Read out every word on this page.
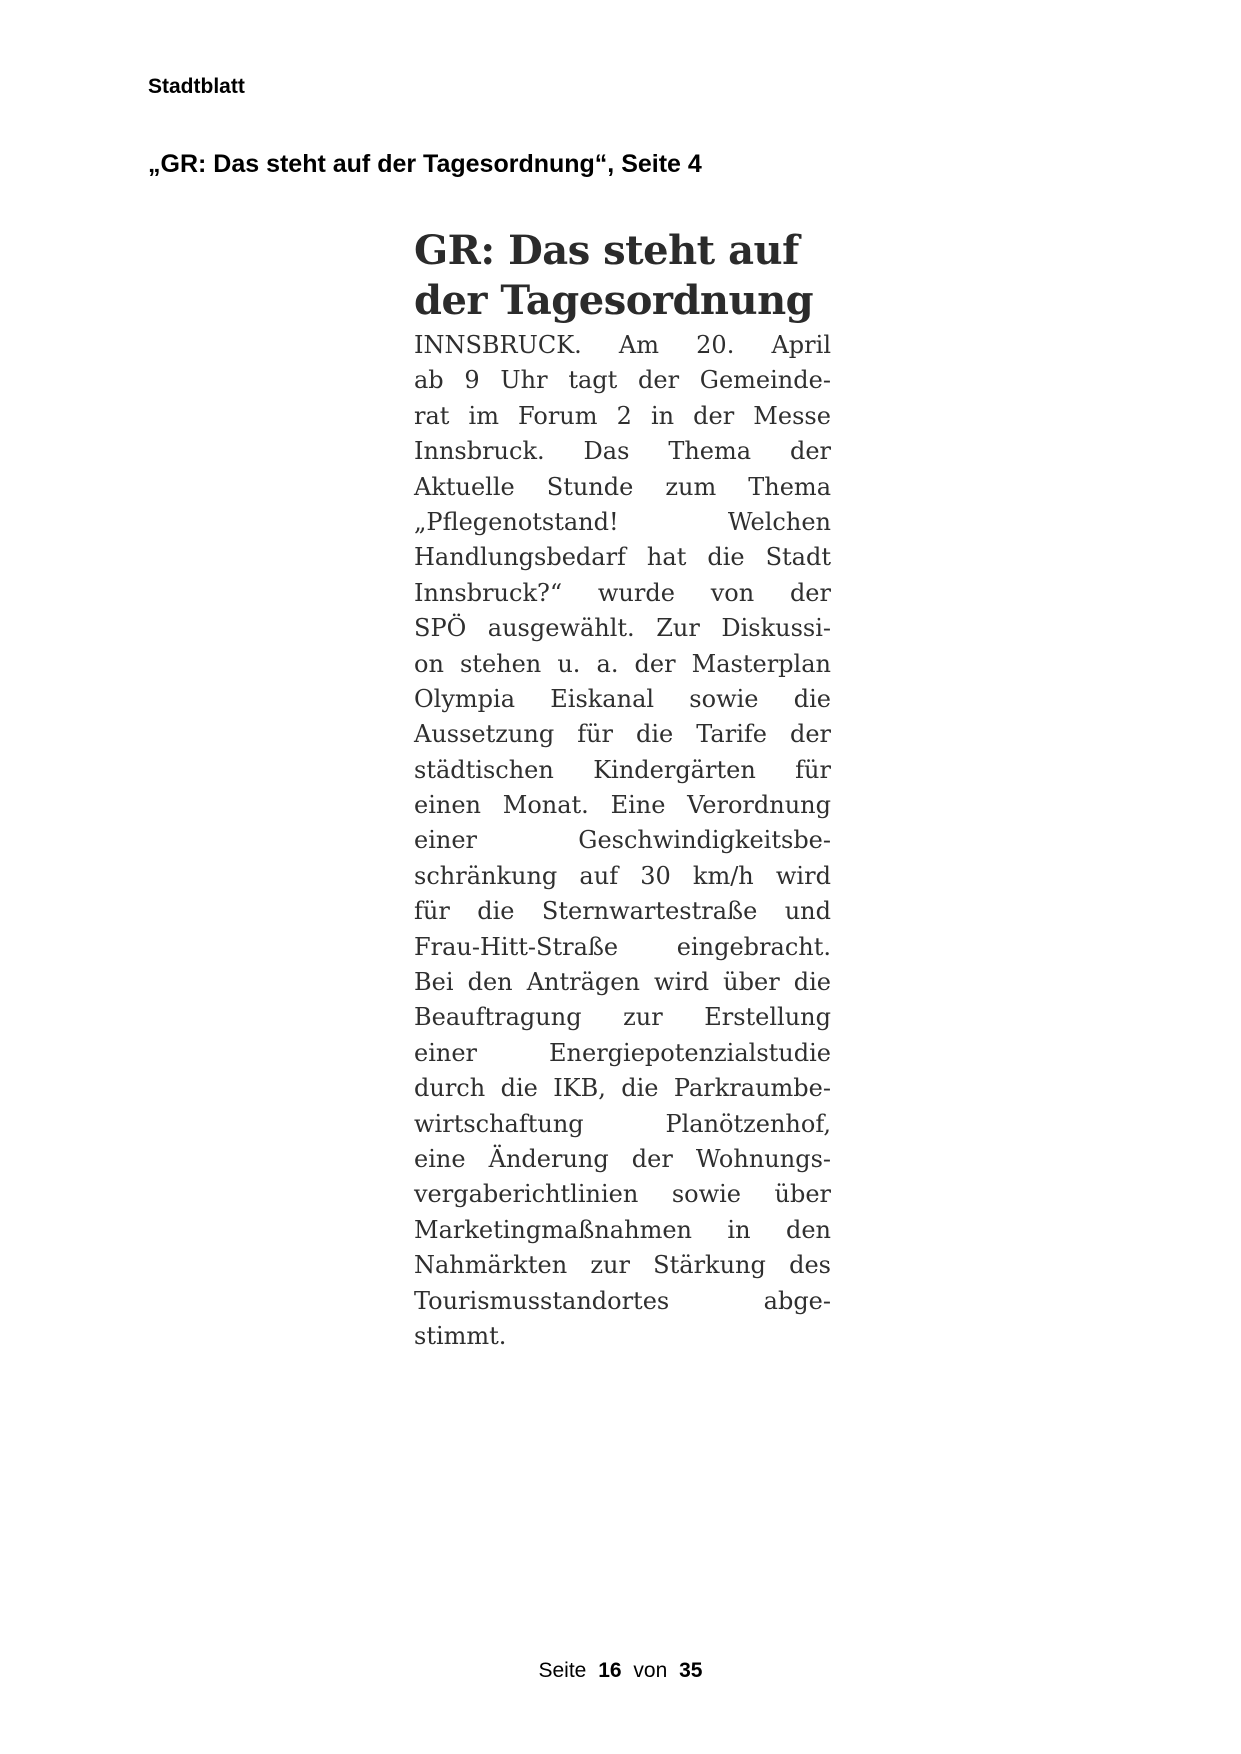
Stadtblatt
„GR: Das steht auf der Tagesordnung“, Seite 4
GR: Das steht auf
der Tagesordnung
INNSBRUCK. Am 20. April
ab 9 Uhr tagt der Gemeinde-
rat im Forum 2 in der Messe
Innsbruck. Das Thema der
Aktuelle Stunde zum Thema
„Pflegenotstand!	Welchen
Handlungsbedarf hat die Stadt
Innsbruck?“ wurde von der
SPÖ ausgewählt. Zur Diskussi-
on stehen u. a. der Masterplan
Olympia Eiskanal sowie die
Aussetzung für die Tarife der
städtischen Kindergärten für
einen Monat. Eine Verordnung
einer	Geschwindigkeitsbe-
schränkung auf 30 km/h wird
für die Sternwartestraße und
Frau-Hitt-Straße eingebracht.
Bei den Anträgen wird über die
Beauftragung zur Erstellung
einer	Energiepotenzialstudie
durch die IKB, die Parkraumbe-
wirtschaftung	Planötzenhof,
eine Änderung der Wohnungs-
vergaberichtlinien sowie über
Marketingmaßnahmen in den
Nahmärkten zur Stärkung des
Tourismusstandortes	abge-
stimmt.
Seite 16 von 35
